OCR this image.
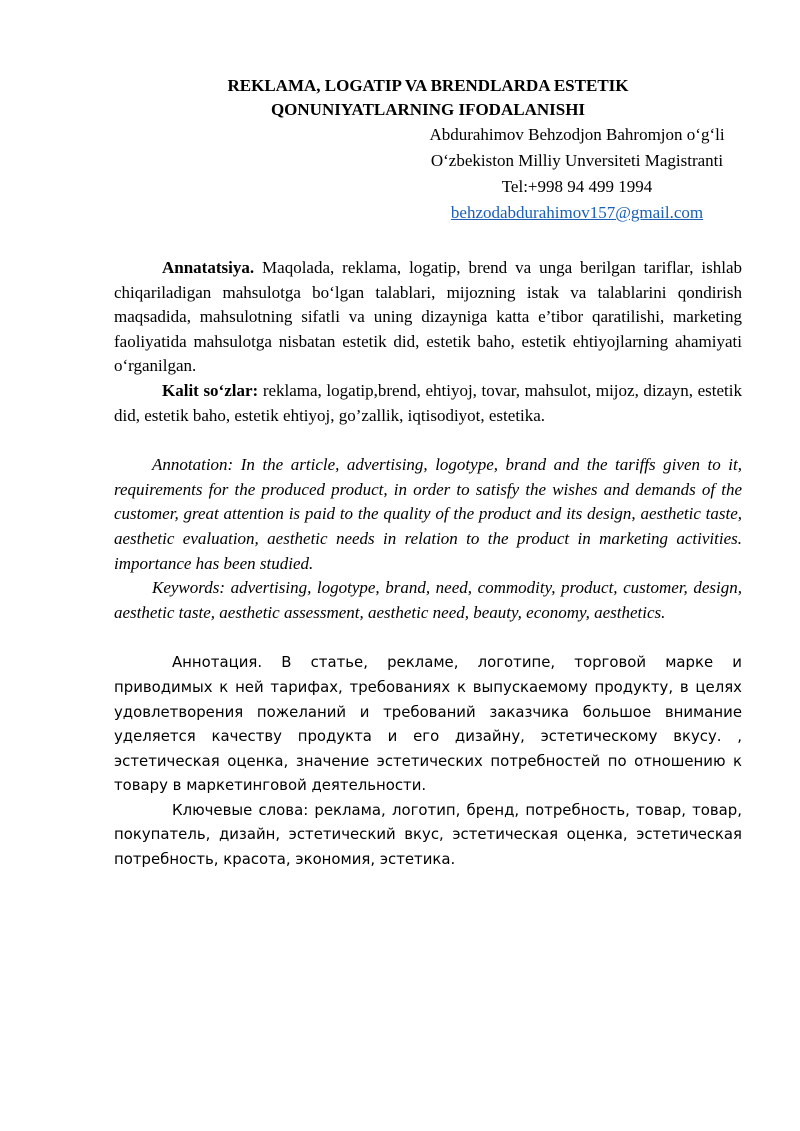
REKLAMA, LOGATIP VA BRENDLARDA ESTETIK
QONUNIYATLARNING IFODALANISHI
Abdurahimov Behzodjon Bahromjon o‘g‘li
O‘zbekiston Milliy Unversiteti Magistranti
Tel:+998 94 499 1994
behzodabdurahimov157@gmail.com

Annatatsiya. Maqolada, reklama, logatip, brend va unga berilgan tariflar, ishlab chiqariladigan mahsulotga bo‘lgan talablari, mijozning istak va talablarini qondirish maqsadida, mahsulotning sifatli va uning dizayniga katta e’tibor qaratilishi, marketing faoliyatida mahsulotga nisbatan estetik did, estetik baho, estetik ehtiyojlarning ahamiyati o‘rganilgan.

Kalit so‘zlar: reklama, logatip,brend, ehtiyoj, tovar, mahsulot, mijoz, dizayn, estetik did, estetik baho, estetik ehtiyoj, go’zallik, iqtisodiyot, estetika.

Annotation: In the article, advertising, logotype, brand and the tariffs given to it, requirements for the produced product, in order to satisfy the wishes and demands of the customer, great attention is paid to the quality of the product and its design, aesthetic taste, aesthetic evaluation, aesthetic needs in relation to the product in marketing activities. importance has been studied.

Keywords: advertising, logotype, brand, need, commodity, product, customer, design, aesthetic taste, aesthetic assessment, aesthetic need, beauty, economy, aesthetics.

Аннотация. В статье, рекламе, логотипе, торговой марке и приводимых к ней тарифах, требованиях к выпускаемому продукту, в целях удовлетворения пожеланий и требований заказчика большое внимание уделяется качеству продукта и его дизайну, эстетическому вкусу. , эстетическая оценка, значение эстетических потребностей по отношению к товару в маркетинговой деятельности.

Ключевые слова: реклама, логотип, бренд, потребность, товар, товар, покупатель, дизайн, эстетический вкус, эстетическая оценка, эстетическая потребность, красота, экономия, эстетика.
